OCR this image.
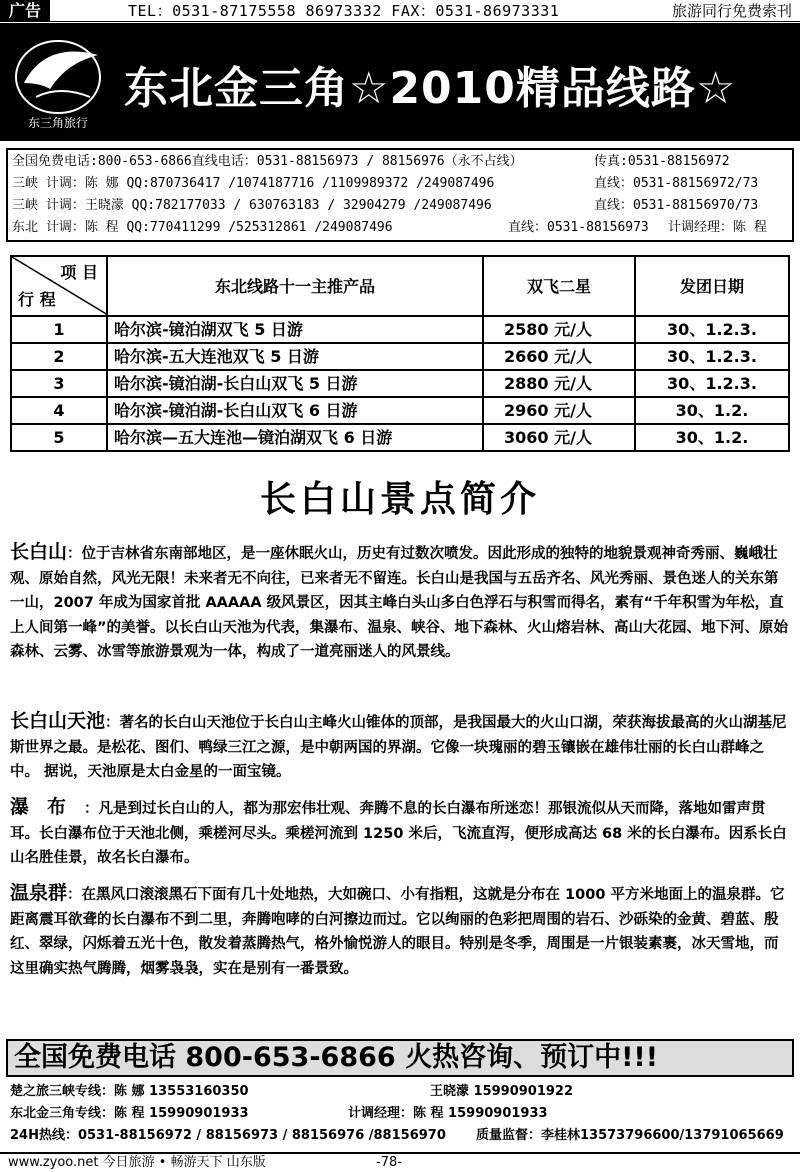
广告	TEL：0531-87175558 86973332 FAX：0531-86973331	旅游同行免费索刊
东三角旅行
东北金三角☆2010精品线路☆
全国免费电话:800-653-6866直线电话：0531-88156973 / 88156976（永不占线）	传真:0531-88156972
三峡 计调：陈 娜 QQ:870736417 /1074187716 /1109989372 /249087496	直线：0531-88156972/73
三峡 计调：王晓濛 QQ:782177033 / 630763183 / 32904279 /249087496	直线：0531-88156970/73
东北 计调：陈 程 QQ:770411299 /525312861 /249087496	直线：0531-88156973 计调经理：陈 程
项 目
行 程	东北线路十一主推产品	双飞二星	发团日期
1	哈尔滨-镜泊湖双飞 5 日游	2580 元/人	30、1.2.3.
2	哈尔滨-五大连池双飞 5 日游	2660 元/人	30、1.2.3.
3	哈尔滨-镜泊湖-长白山双飞 5 日游	2880 元/人	30、1.2.3.
4	哈尔滨-镜泊湖-长白山双飞 6 日游	2960 元/人	30、1.2.
5	哈尔滨—五大连池—镜泊湖双飞 6 日游	3060 元/人	30、1.2.
长白山景点简介
长白山：位于吉林省东南部地区，是一座休眠火山，历史有过数次喷发。因此形成的独特的地貌景观神奇秀丽、巍峨壮观、原始自然，风光无限！未来者无不向往，已来者无不留连。长白山是我国与五岳齐名、风光秀丽、景色迷人的关东第一山，2007 年成为国家首批 AAAAA 级风景区，因其主峰白头山多白色浮石与积雪而得名，素有“千年积雪为年松，直上人间第一峰”的美誉。以长白山天池为代表，集瀑布、温泉、峡谷、地下森林、火山熔岩林、高山大花园、地下河、原始森林、云雾、冰雪等旅游景观为一体，构成了一道亮丽迷人的风景线。
长白山天池：著名的长白山天池位于长白山主峰火山锥体的顶部，是我国最大的火山口湖，荣获海拔最高的火山湖基尼斯世界之最。是松花、图们、鸭绿三江之源，是中朝两国的界湖。它像一块瑰丽的碧玉镶嵌在雄伟壮丽的长白山群峰之中。 据说，天池原是太白金星的一面宝镜。
瀑布：凡是到过长白山的人，都为那宏伟壮观、奔腾不息的长白瀑布所迷恋！那银流似从天而降，落地如雷声贯耳。长白瀑布位于天池北侧，乘槎河尽头。乘槎河流到 1250 米后，飞流直泻，便形成高达 68 米的长白瀑布。因系长白山名胜佳景，故名长白瀑布。
温泉群：在黑风口滚滚黑石下面有几十处地热，大如碗口、小有指粗，这就是分布在 1000 平方米地面上的温泉群。它距离震耳欲聋的长白瀑布不到二里，奔腾咆哮的白河擦边而过。它以绚丽的色彩把周围的岩石、沙砾染的金黄、碧蓝、殷红、翠绿，闪烁着五光十色，散发着蒸腾热气，格外愉悦游人的眼目。特别是冬季，周围是一片银装素裹，冰天雪地，而这里确实热气腾腾，烟雾袅袅，实在是别有一番景致。
全国免费电话 800-653-6866 火热咨询、预订中!!!
楚之旅三峡专线：陈 娜 13553160350	王晓濛 15990901922
东北金三角专线：陈 程 15990901933	计调经理：陈 程 15990901933
24H热线：0531-88156972 / 88156973 / 88156976 /88156970 质量监督：李桂林13573796600/13791065669
www.zyoo.net 今日旅游 • 畅游天下 山东版	-78-
